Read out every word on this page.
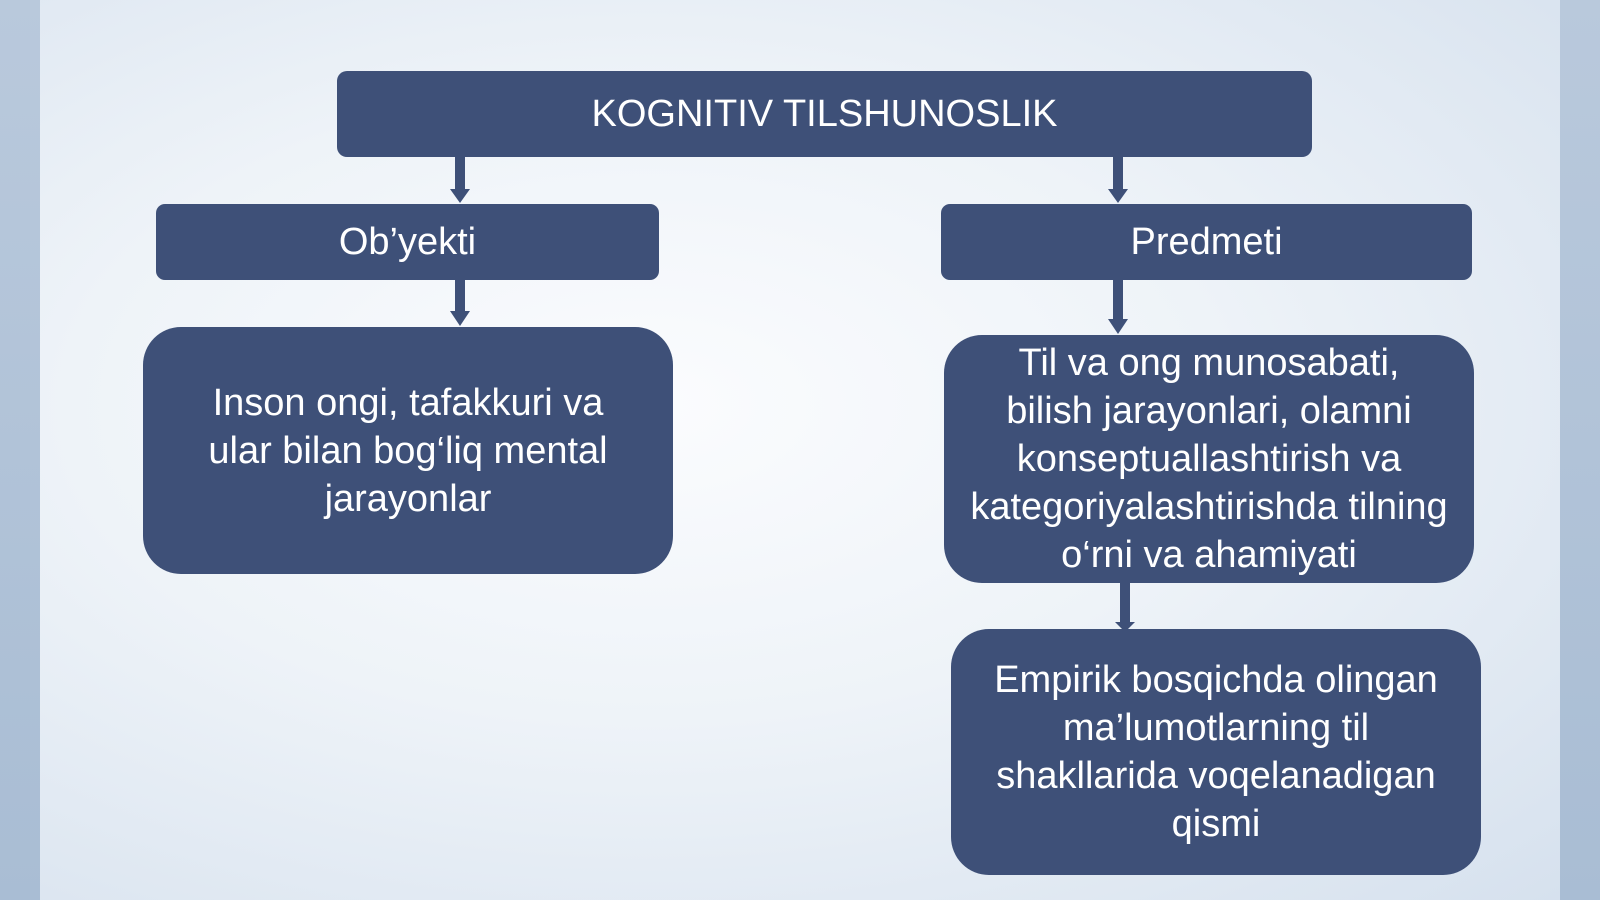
KOGNITIV TILSHUNOSLIK
Ob’yekti	Predmeti
Inson ongi, tafakkuri va ular bilan bog‘liq mental jarayonlar
Til va ong munosabati, bilish jarayonlari, olamni konseptuallashtirish va kategoriyalashtirishda tilning o‘rni va ahamiyati
Empirik bosqichda olingan ma’lumotlarning til shakllarida voqelanadigan qismi
